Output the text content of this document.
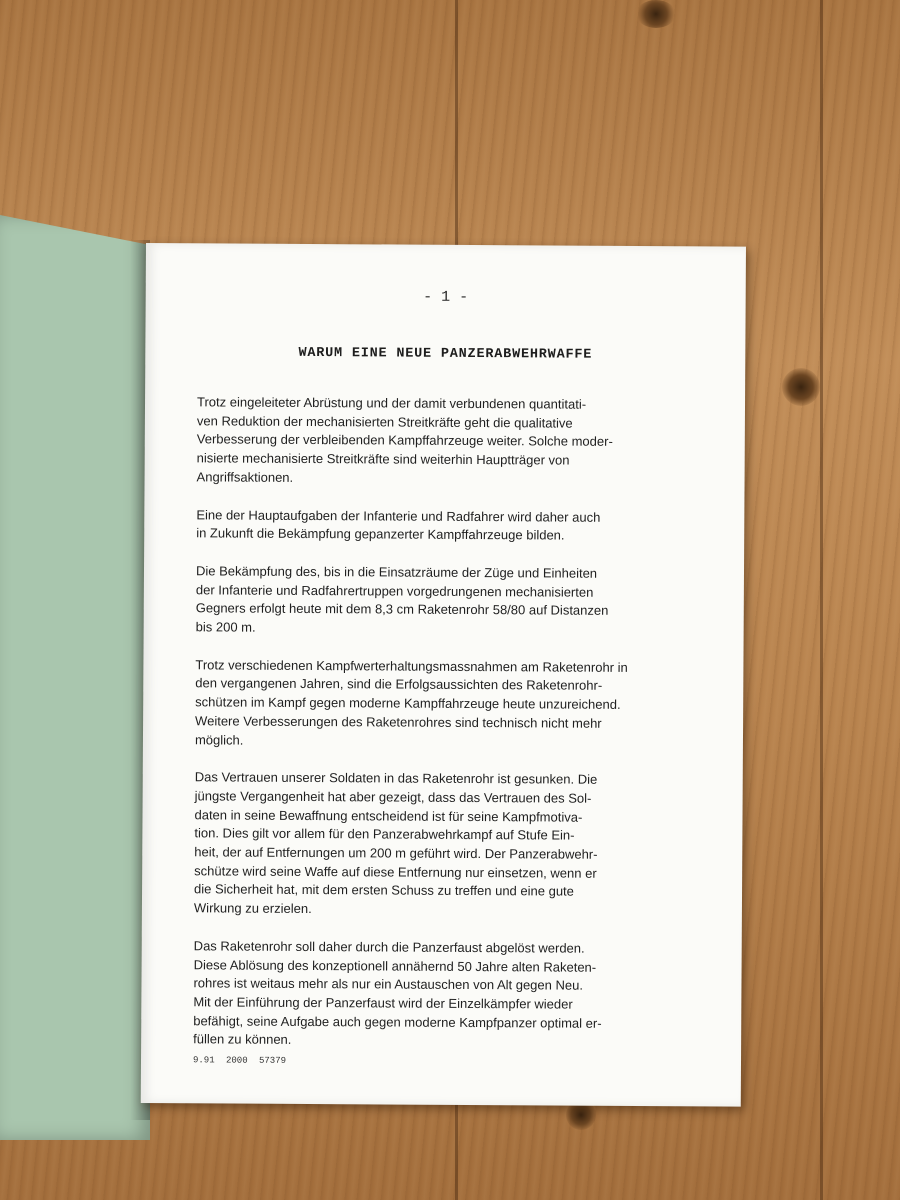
- 1 -
WARUM EINE NEUE PANZERABWEHRWAFFE

Trotz eingeleiteter Abrüstung und der damit verbundenen quantitati-
ven Reduktion der mechanisierten Streitkräfte geht die qualitative
Verbesserung der verbleibenden Kampffahrzeuge weiter. Solche moder-
nisierte mechanisierte Streitkräfte sind weiterhin Hauptträger von
Angriffsaktionen.

Eine der Hauptaufgaben der Infanterie und Radfahrer wird daher auch
in Zukunft die Bekämpfung gepanzerter Kampffahrzeuge bilden.

Die Bekämpfung des, bis in die Einsatzräume der Züge und Einheiten
der Infanterie und Radfahrertruppen vorgedrungenen mechanisierten
Gegners erfolgt heute mit dem 8,3 cm Raketenrohr 58/80 auf Distanzen
bis 200 m.

Trotz verschiedenen Kampfwerterhaltungsmassnahmen am Raketenrohr in
den vergangenen Jahren, sind die Erfolgsaussichten des Raketenrohr-
schützen im Kampf gegen moderne Kampffahrzeuge heute unzureichend.
Weitere Verbesserungen des Raketenrohres sind technisch nicht mehr
möglich.

Das Vertrauen unserer Soldaten in das Raketenrohr ist gesunken. Die
jüngste Vergangenheit hat aber gezeigt, dass das Vertrauen des Sol-
daten in seine Bewaffnung entscheidend ist für seine Kampfmotiva-
tion. Dies gilt vor allem für den Panzerabwehrkampf auf Stufe Ein-
heit, der auf Entfernungen um 200 m geführt wird. Der Panzerabwehr-
schütze wird seine Waffe auf diese Entfernung nur einsetzen, wenn er
die Sicherheit hat, mit dem ersten Schuss zu treffen und eine gute
Wirkung zu erzielen.

Das Raketenrohr soll daher durch die Panzerfaust abgelöst werden.
Diese Ablösung des konzeptionell annähernd 50 Jahre alten Raketen-
rohres ist weitaus mehr als nur ein Austauschen von Alt gegen Neu.
Mit der Einführung der Panzerfaust wird der Einzelkämpfer wieder
befähigt, seine Aufgabe auch gegen moderne Kampfpanzer optimal er-
füllen zu können.

9.91 2000 57379
